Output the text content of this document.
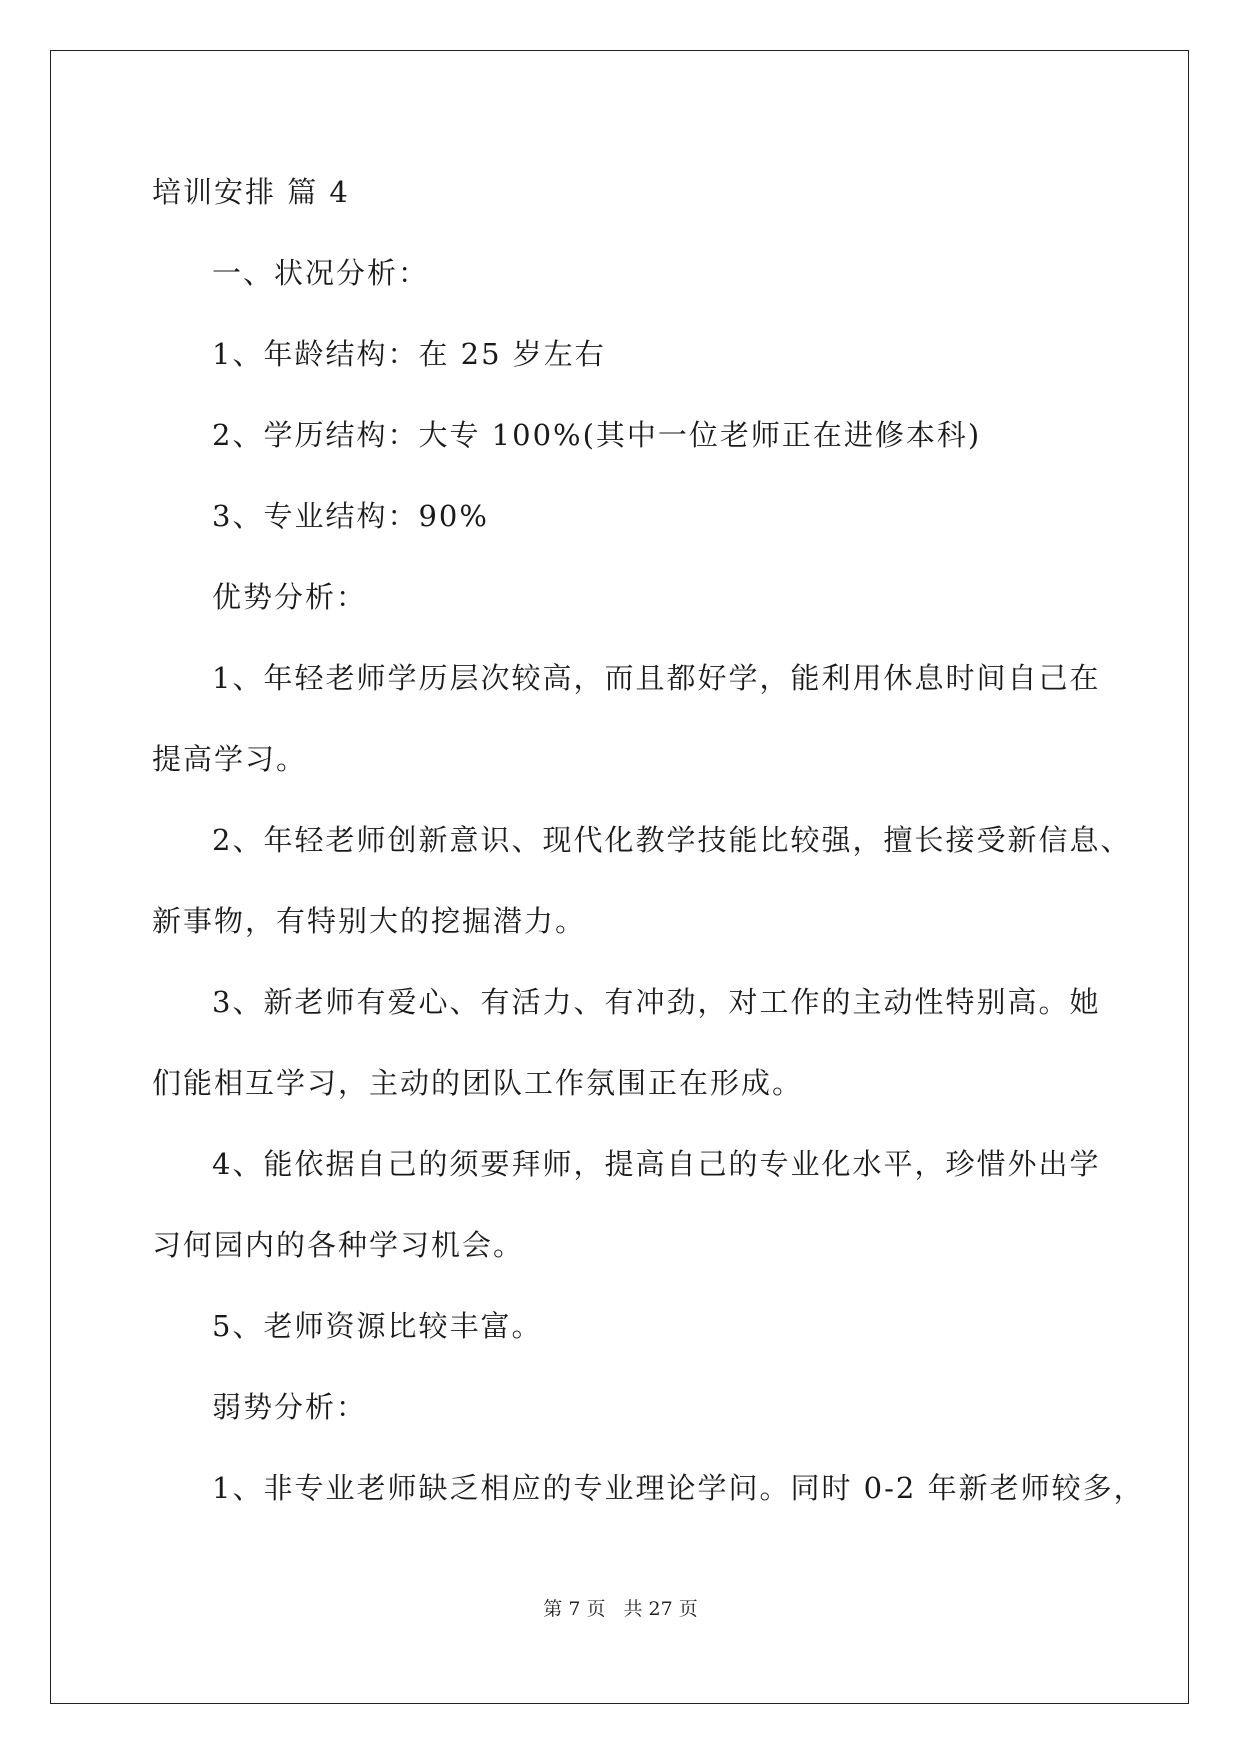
培训安排 篇 4
一、状况分析：
1、年龄结构：在 25 岁左右
2、学历结构：大专 100%(其中一位老师正在进修本科)
3、专业结构：90%
优势分析：
1、年轻老师学历层次较高，而且都好学，能利用休息时间自己在
提高学习。
2、年轻老师创新意识、现代化教学技能比较强，擅长接受新信息、
新事物，有特别大的挖掘潜力。
3、新老师有爱心、有活力、有冲劲，对工作的主动性特别高。她
们能相互学习，主动的团队工作氛围正在形成。
4、能依据自己的须要拜师，提高自己的专业化水平，珍惜外出学
习何园内的各种学习机会。
5、老师资源比较丰富。
弱势分析：
1、非专业老师缺乏相应的专业理论学问。同时 0-2 年新老师较多，
第 7 页 共 27 页
